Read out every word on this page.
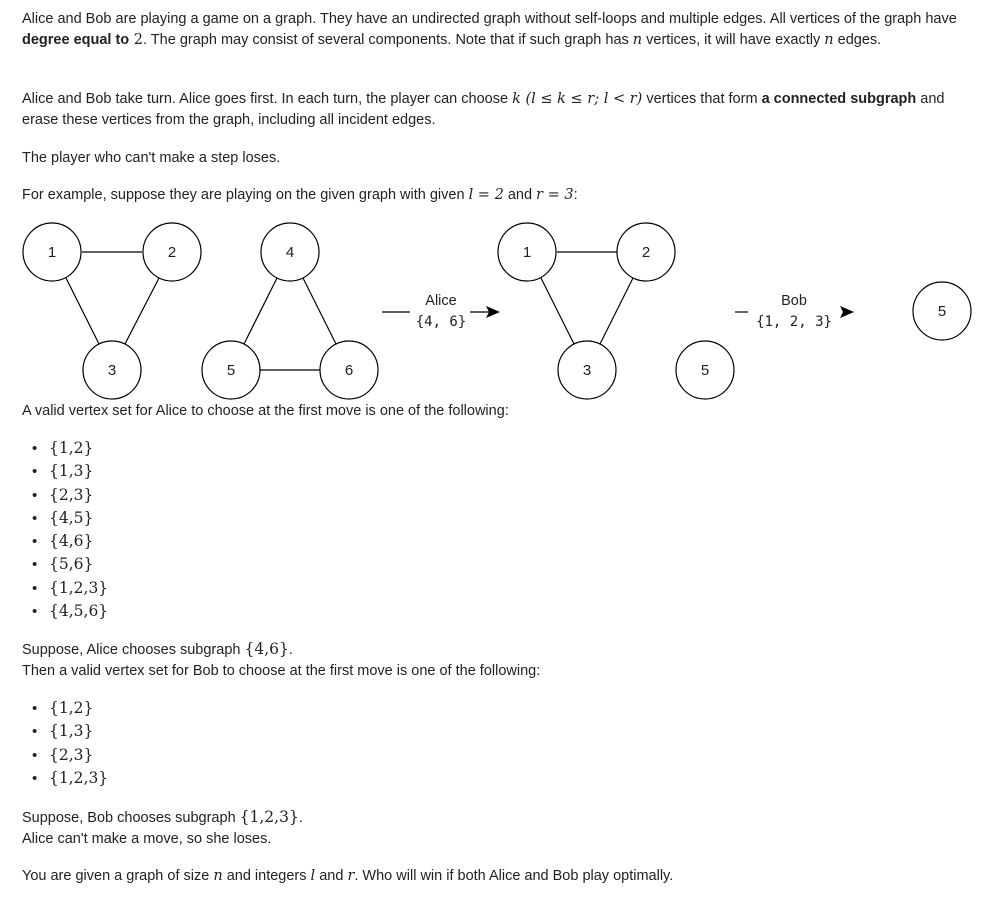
1	2
3
4
5	6
1	2
3	5
5
Alice
{4, 6}
Bob
{1, 2, 3}

Alice and Bob are playing a game on a graph. They have an undirected graph without self-loops and multiple edges. All vertices of the graph have degree equal to 2. The graph may consist of several components. Note that if such graph has n vertices, it will have exactly n edges.

Alice and Bob take turn. Alice goes first. In each turn, the player can choose k (l ≤ k ≤ r; l < r) vertices that form a connected subgraph and erase these vertices from the graph, including all incident edges.

The player who can't make a step loses.

For example, suppose they are playing on the given graph with given l = 2 and r = 3:

A valid vertex set for Alice to choose at the first move is one of the following:

• {1,2}
• {1,3}
• {2,3}
• {4,5}
• {4,6}
• {5,6}
• {1,2,3}
• {4,5,6}

Suppose, Alice chooses subgraph {4,6}.
Then a valid vertex set for Bob to choose at the first move is one of the following:

• {1,2}
• {1,3}
• {2,3}
• {1,2,3}

Suppose, Bob chooses subgraph {1,2,3}.
Alice can't make a move, so she loses.

You are given a graph of size n and integers l and r. Who will win if both Alice and Bob play optimally.
